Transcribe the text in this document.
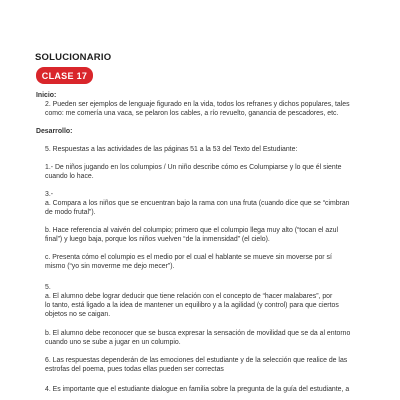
SOLUCIONARIO
CLASE 17
Inicio:
2. Pueden ser ejemplos de lenguaje figurado en la vida, todos los refranes y dichos populares, tales
como: me comería una vaca, se pelaron los cables, a río revuelto, ganancia de pescadores, etc.
Desarrollo:
5. Respuestas a las actividades de las páginas 51 a la 53 del Texto del Estudiante:
1.- De niños jugando en los columpios / Un niño describe cómo es Columpiarse y lo que él siente
cuando lo hace.
3.-
a. Compara a los niños que se encuentran bajo la rama con una fruta (cuando dice que se “cimbran
de modo frutal”).
b. Hace referencia al vaivén del columpio; primero que el columpio llega muy alto (“tocan el azul
final”) y luego baja, porque los niños vuelven “de la inmensidad” (el cielo).
c. Presenta cómo el columpio es el medio por el cual el hablante se mueve sin moverse por sí
mismo (“yo sin moverme me dejo mecer”).
5.
a. El alumno debe lograr deducir que tiene relación con el concepto de “hacer malabares”, por
lo tanto, está ligado a la idea de mantener un equilibro y a la agilidad (y control) para que ciertos
objetos no se caigan.
b. El alumno debe reconocer que se busca expresar la sensación de movilidad que se da al entorno
cuando uno se sube a jugar en un columpio.
6. Las respuestas dependerán de las emociones del estudiante y de la selección que realice de las
estrofas del poema, pues todas ellas pueden ser correctas
4. Es importante que el estudiante dialogue en familia sobre la pregunta de la guía del estudiante, a
